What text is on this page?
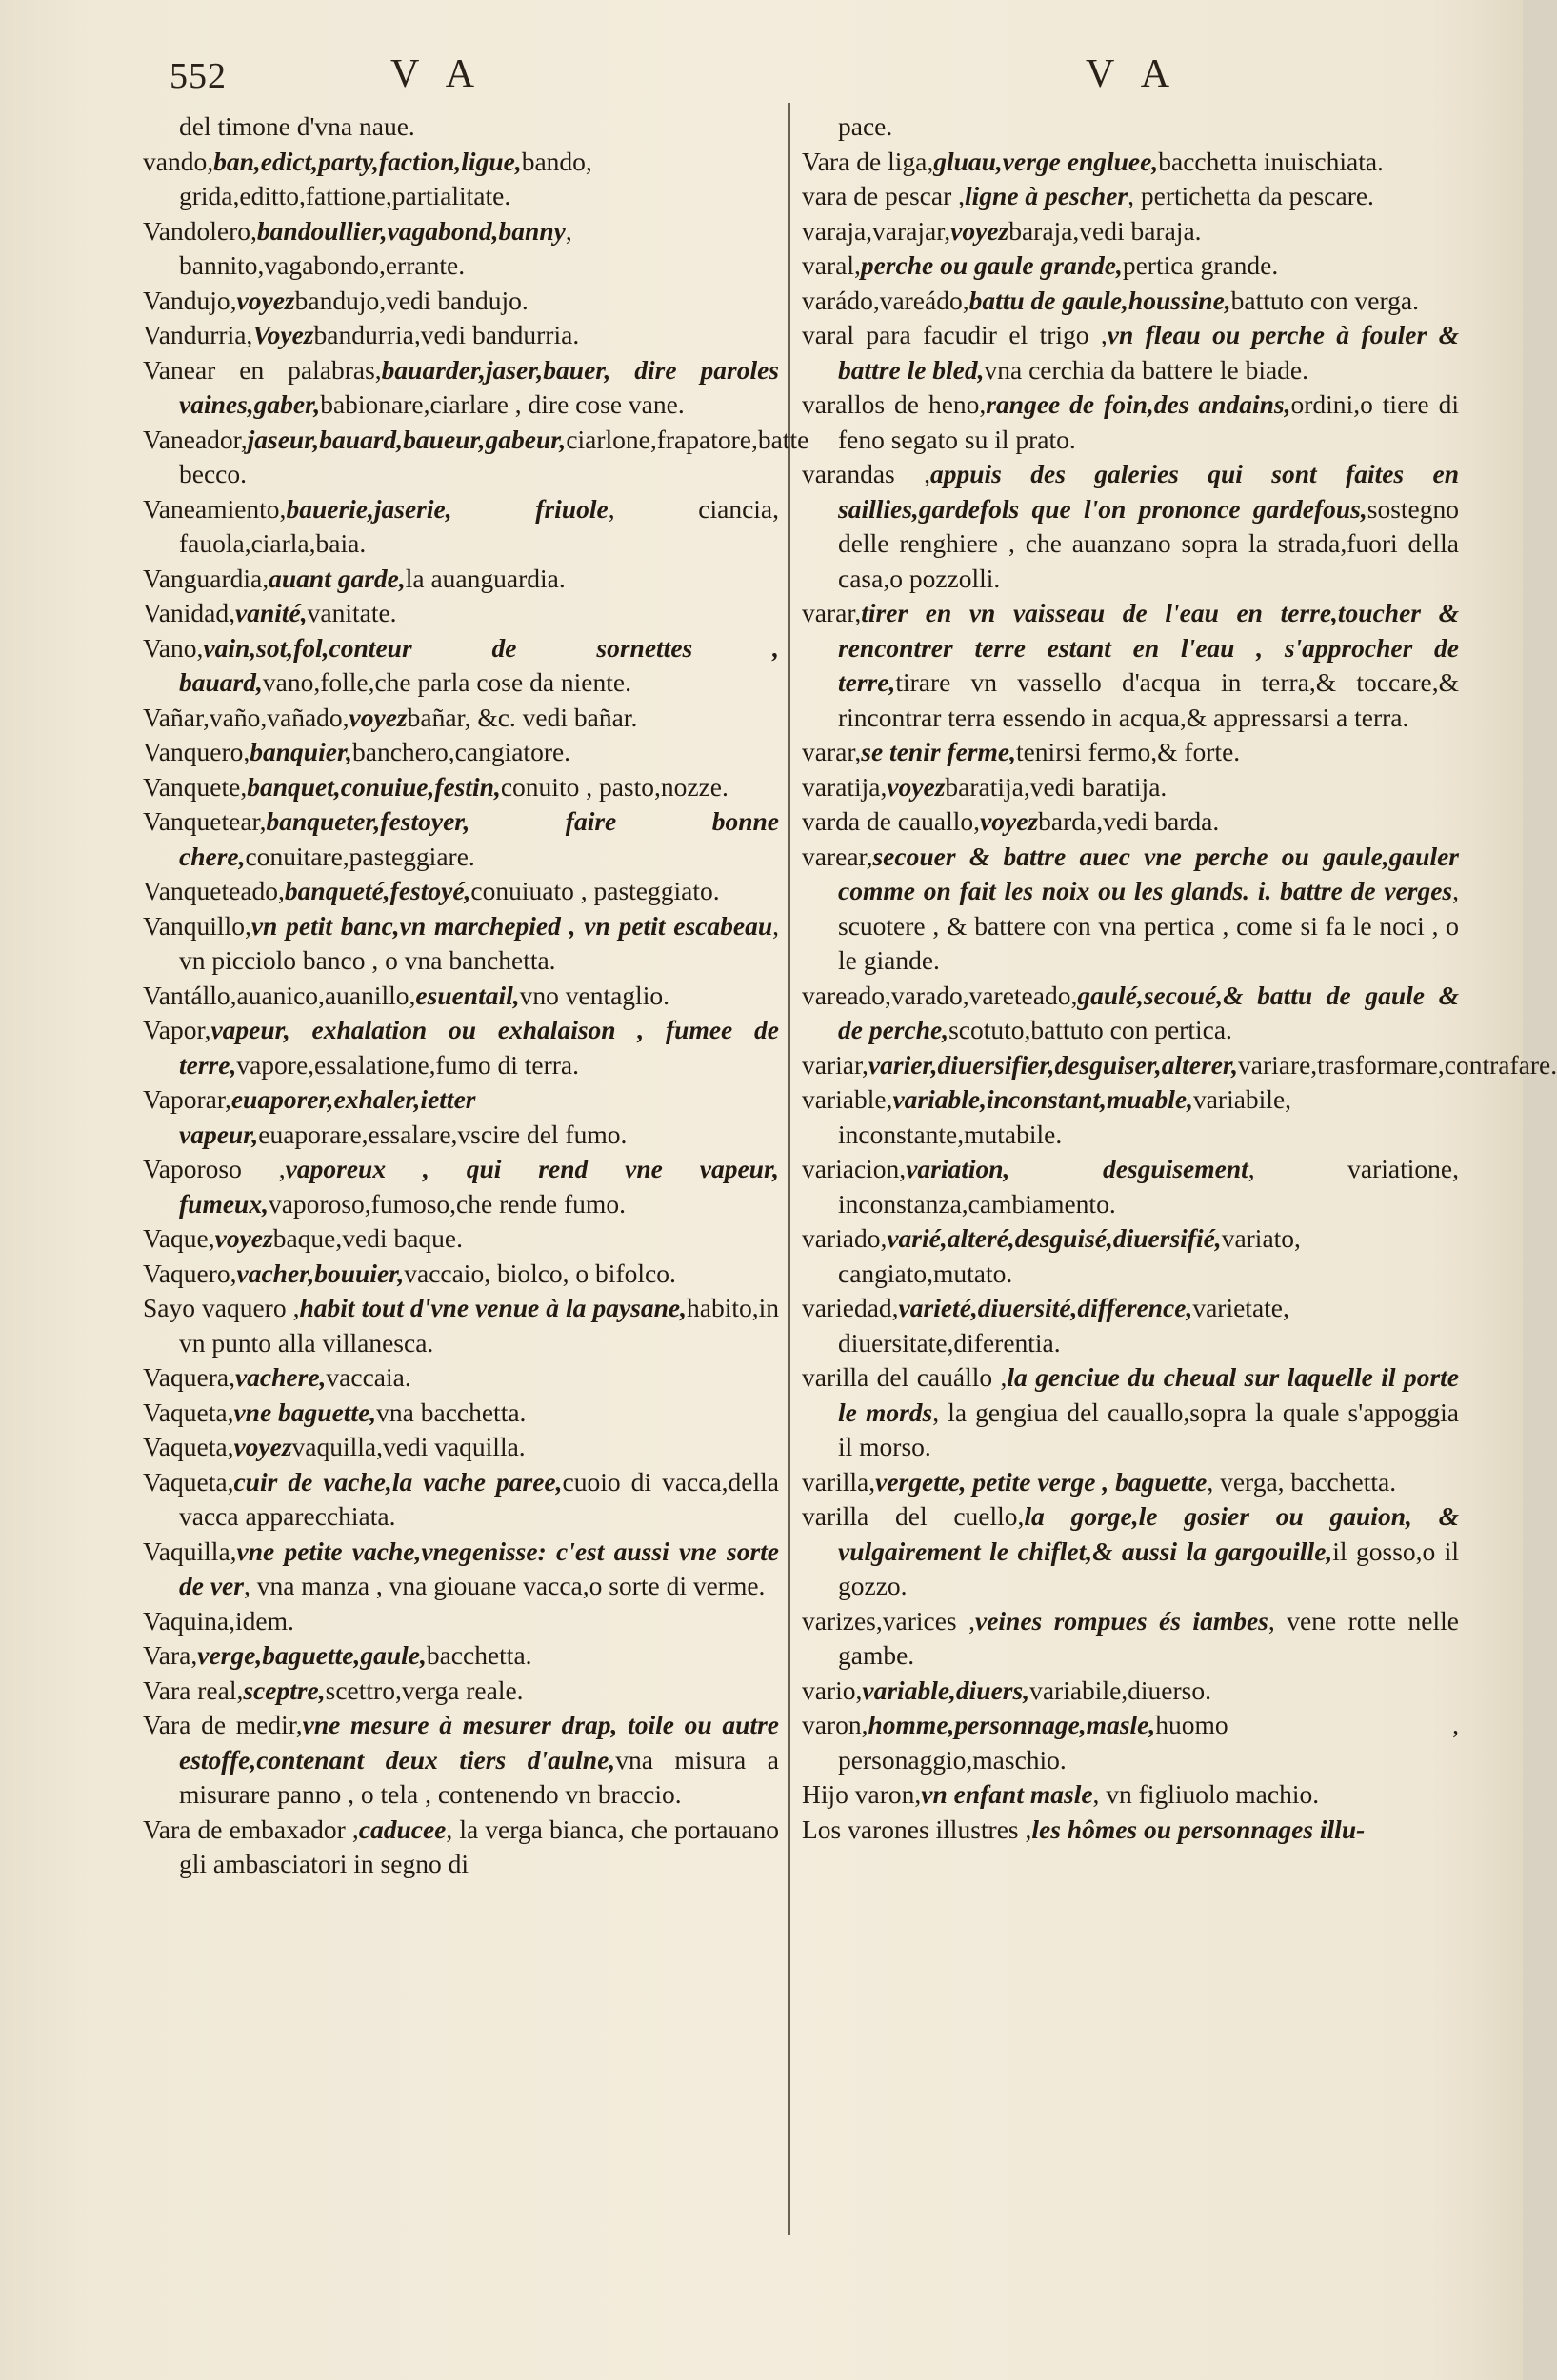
552	V A	V A

del timone d'vna naue.

vando,ban,edict,party,faction,ligue,bando, grida,editto,fattione,partialitate.

Vandolero,bandoullier,vagabond,banny, bannito,vagabondo,errante.

Vandujo,voyezbandujo,vedi bandujo.

Vandurria,Voyezbandurria,vedi bandurria.

Vanear en palabras,bauarder,jaser,bauer, dire paroles vaines,gaber,babionare,ciarlare , dire cose vane.

Vaneador,jaseur,bauard,baueur,gabeur,ciarlone,frapatore,batte becco.

Vaneamiento,bauerie,jaserie, friuole, ciancia, fauola,ciarla,baia.

Vanguardia,auant garde,la auanguardia.

Vanidad,vanité,vanitate.

Vano,vain,sot,fol,conteur de sornettes , bauard,vano,folle,che parla cose da niente.

Vañar,vaño,vañado,voyezbañar, &c. vedi bañar.

Vanquero,banquier,banchero,cangiatore.

Vanquete,banquet,conuiue,festin,conuito , pasto,nozze.

Vanquetear,banqueter,festoyer, faire bonne chere,conuitare,pasteggiare.

Vanqueteado,banqueté,festoyé,conuiuato , pasteggiato.

Vanquillo,vn petit banc,vn marchepied , vn petit escabeau, vn picciolo banco , o vna banchetta.

Vantállo,auanico,auanillo,esuentail,vno ventaglio.

Vapor,vapeur, exhalation ou exhalaison , fumee de terre,vapore,essalatione,fumo di terra.

Vaporar,euaporer,exhaler,ietter vapeur,euaporare,essalare,vscire del fumo.

Vaporoso ,vaporeux , qui rend vne vapeur, fumeux,vaporoso,fumoso,che rende fumo.

Vaque,voyezbaque,vedi baque.

Vaquero,vacher,bouuier,vaccaio, biolco, o bifolco.

Sayo vaquero ,habit tout d'vne venue à la paysane,habito,in vn punto alla villanesca.

Vaquera,vachere,vaccaia.

Vaqueta,vne baguette,vna bacchetta.

Vaqueta,voyezvaquilla,vedi vaquilla.

Vaqueta,cuir de vache,la vache paree,cuoio di vacca,della vacca apparecchiata.

Vaquilla,vne petite vache,vnegenisse: c'est aussi vne sorte de ver, vna manza , vna giouane vacca,o sorte di verme.

Vaquina,idem.

Vara,verge,baguette,gaule,bacchetta.

Vara real,sceptre,scettro,verga reale.

Vara de medir,vne mesure à mesurer drap, toile ou autre estoffe,contenant deux tiers d'aulne,vna misura a misurare panno , o tela , contenendo vn braccio.

Vara de embaxador ,caducee, la verga bianca, che portauano gli ambasciatori in segno di

pace.

Vara de liga,gluau,verge engluee,bacchetta inuischiata.

vara de pescar ,ligne à pescher, pertichetta da pescare.

varaja,varajar,voyezbaraja,vedi baraja.

varal,perche ou gaule grande,pertica grande.

varádo,vareádo,battu de gaule,houssine,battuto con verga.

varal para facudir el trigo ,vn fleau ou perche à fouler & battre le bled,vna cerchia da battere le biade.

varallos de heno,rangee de foin,des andains,ordini,o tiere di feno segato su il prato.

varandas ,appuis des galeries qui sont faites en saillies,gardefols que l'on prononce gardefous,sostegno delle renghiere , che auanzano sopra la strada,fuori della casa,o pozzolli.

varar,tirer en vn vaisseau de l'eau en terre,toucher & rencontrer terre estant en l'eau , s'approcher de terre,tirare vn vassello d'acqua in terra,& toccare,& rincontrar terra essendo in acqua,& appressarsi a terra.

varar,se tenir ferme,tenirsi fermo,& forte.

varatija,voyezbaratija,vedi baratija.

varda de cauallo,voyezbarda,vedi barda.

varear,secouer & battre auec vne perche ou gaule,gauler comme on fait les noix ou les glands. i. battre de verges, scuotere , & battere con vna pertica , come si fa le noci , o le giande.

vareado,varado,vareteado,gaulé,secoué,& battu de gaule & de perche,scotuto,battuto con pertica.

variar,varier,diuersifier,desguiser,alterer,variare,trasformare,contrafare.

variable,variable,inconstant,muable,variabile, inconstante,mutabile.

variacion,variation, desguisement, variatione, inconstanza,cambiamento.

variado,varié,alteré,desguisé,diuersifié,variato, cangiato,mutato.

variedad,varieté,diuersité,difference,varietate, diuersitate,diferentia.

varilla del cauállo ,la genciue du cheual sur laquelle il porte le mords, la gengiua del cauallo,sopra la quale s'appoggia il morso.

varilla,vergette, petite verge , baguette, verga, bacchetta.

varilla del cuello,la gorge,le gosier ou gauion, & vulgairement le chiflet,& aussi la gargouille,il gosso,o il gozzo.

varizes,varices ,veines rompues és iambes, vene rotte nelle gambe.

vario,variable,diuers,variabile,diuerso.

varon,homme,personnage,masle,huomo , personaggio,maschio.

Hijo varon,vn enfant masle, vn figliuolo machio.

Los varones illustres ,les hômes ou personnages illu-
